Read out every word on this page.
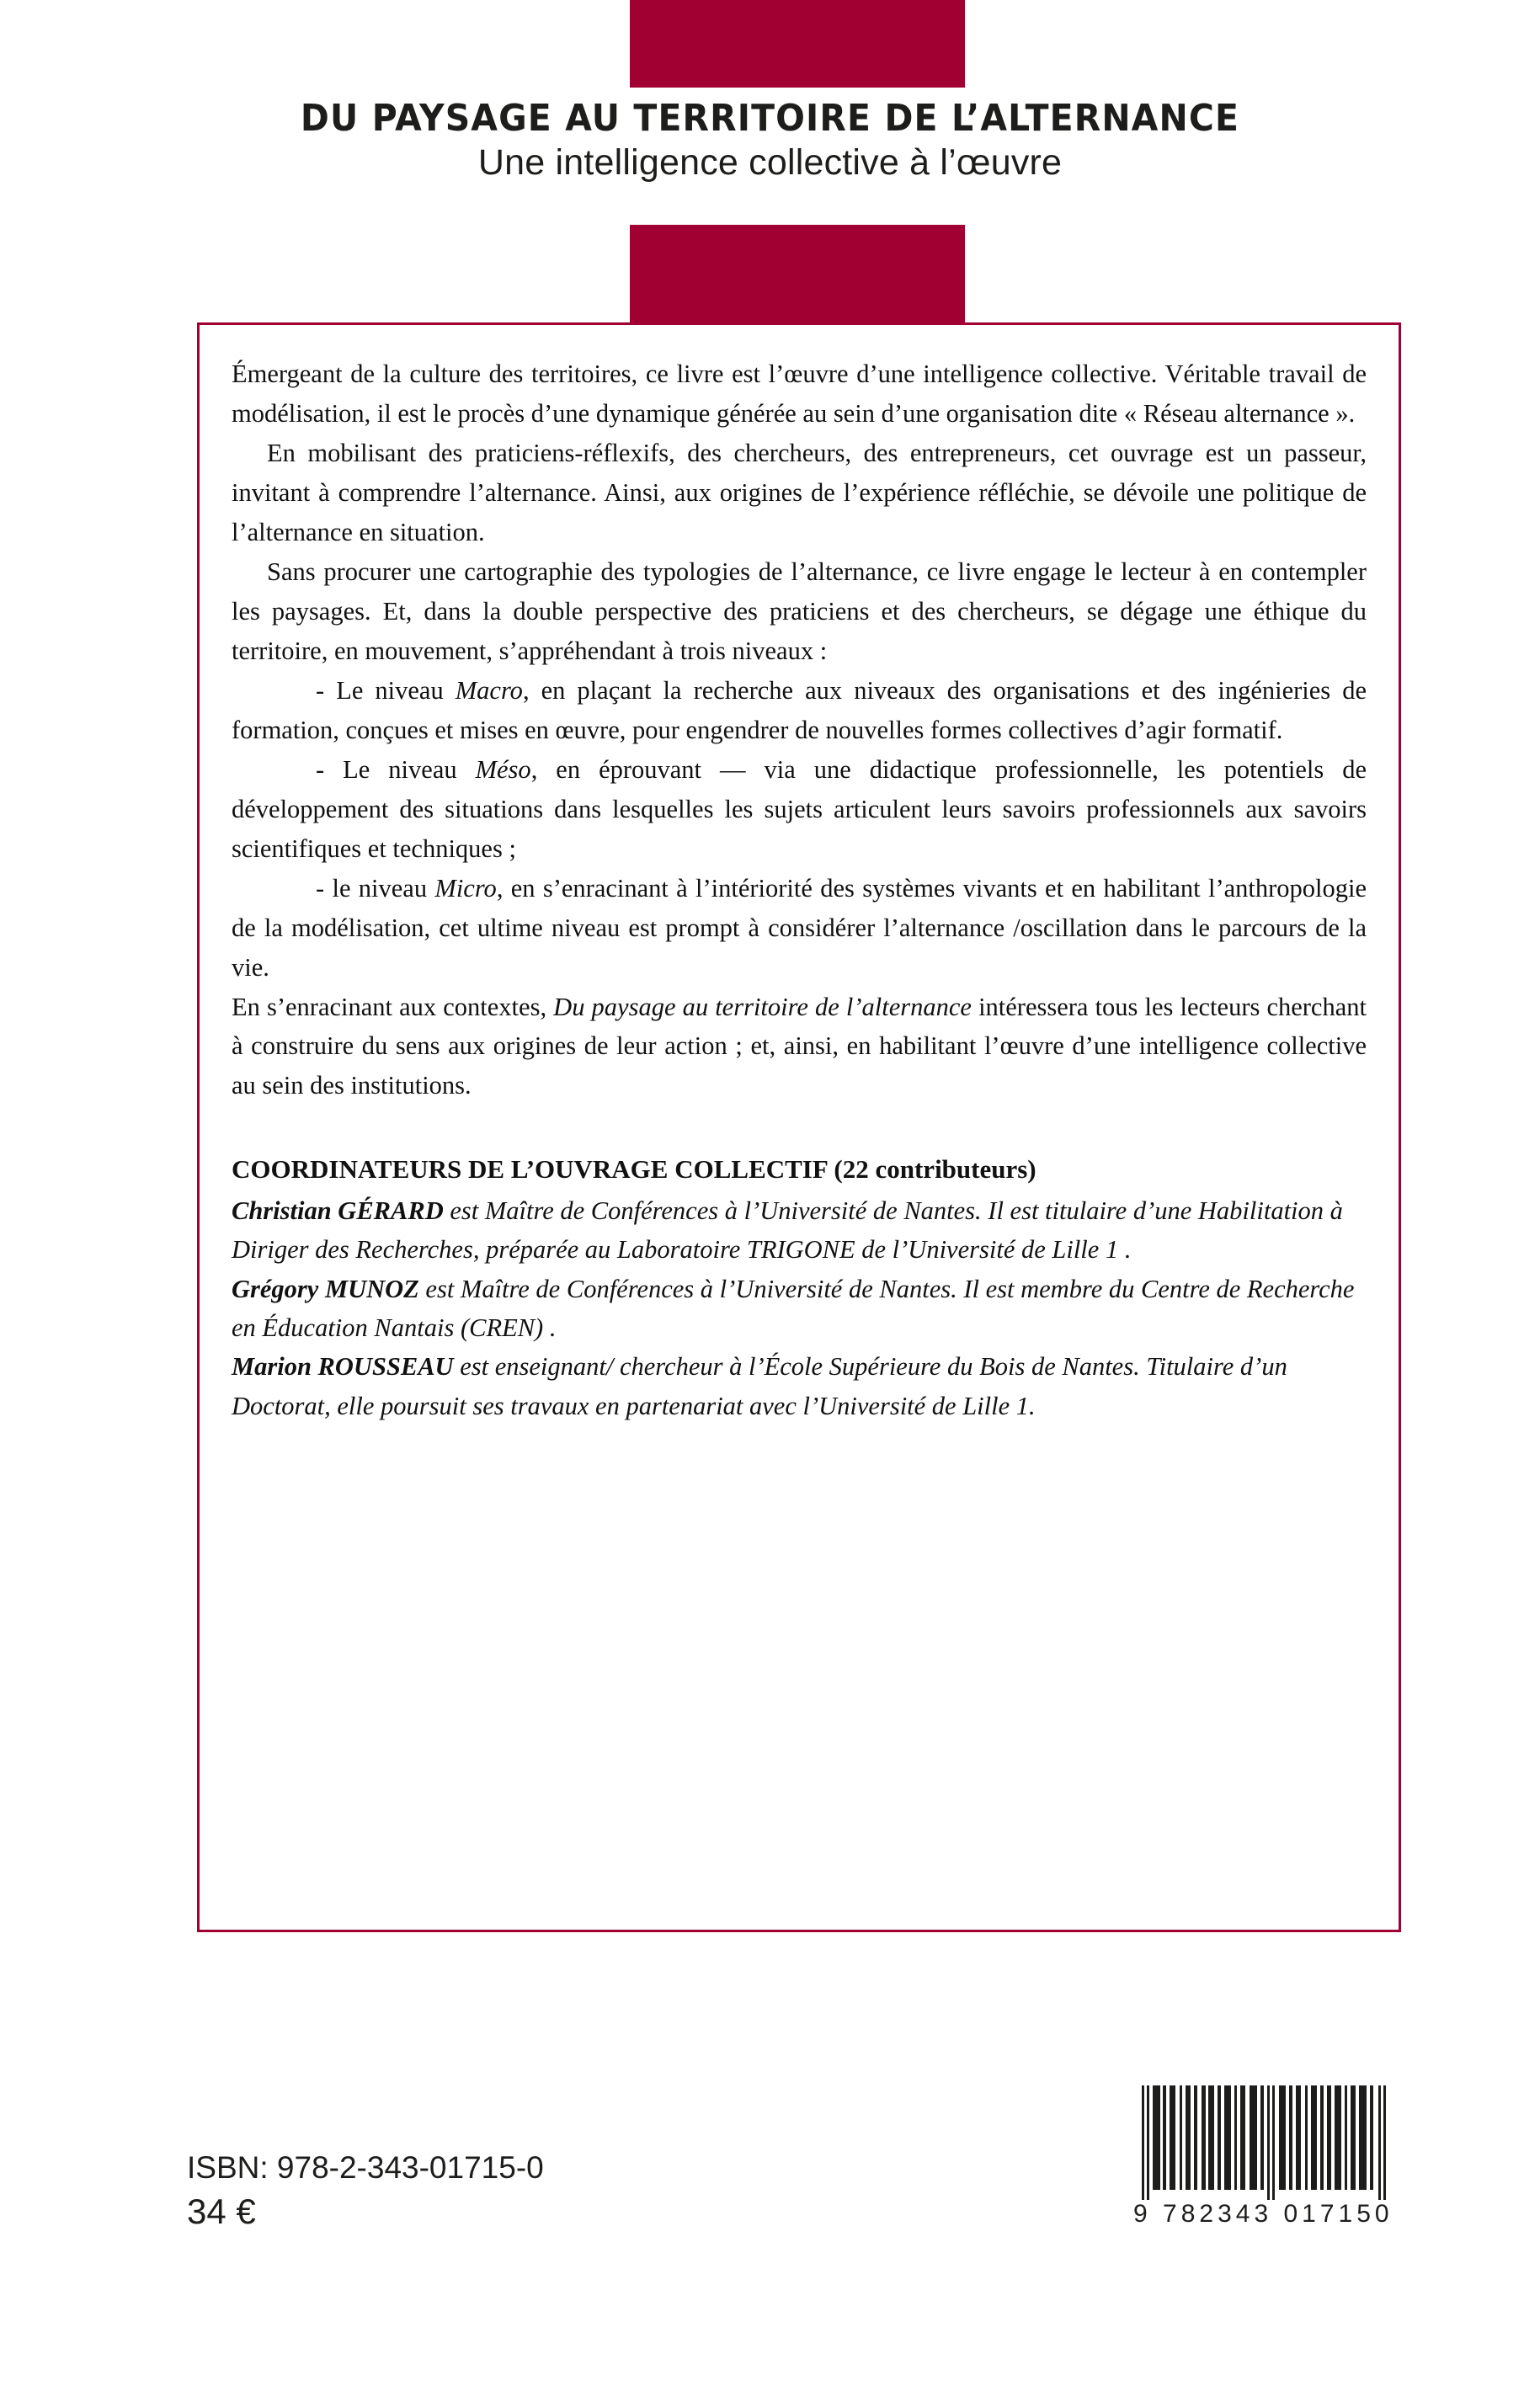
DU PAYSAGE AU TERRITOIRE DE L’ALTERNANCE
Une intelligence collective à l’œuvre

Émergeant de la culture des territoires, ce livre est l’œuvre d’une intelligence collective. Véritable travail de modélisation, il est le procès d’une dynamique générée au sein d’une organisation dite « Réseau alternance ».

En mobilisant des praticiens-réflexifs, des chercheurs, des entrepreneurs, cet ouvrage est un passeur, invitant à comprendre l’alternance. Ainsi, aux origines de l’expérience réfléchie, se dévoile une politique de l’alternance en situation.

Sans procurer une cartographie des typologies de l’alternance, ce livre engage le lecteur à en contempler les paysages. Et, dans la double perspective des praticiens et des chercheurs, se dégage une éthique du territoire, en mouvement, s’appréhendant à trois niveaux :

- Le niveau Macro, en plaçant la recherche aux niveaux des organisations et des ingénieries de formation, conçues et mises en œuvre, pour engendrer de nouvelles formes collectives d’agir formatif.

- Le niveau Méso, en éprouvant — via une didactique professionnelle, les potentiels de développement des situations dans lesquelles les sujets articulent leurs savoirs professionnels aux savoirs scientifiques et techniques ;

- le niveau Micro, en s’enracinant à l’intériorité des systèmes vivants et en habilitant l’anthropologie de la modélisation, cet ultime niveau est prompt à considérer l’alternance /oscillation dans le parcours de la vie.

En s’enracinant aux contextes, Du paysage au territoire de l’alternance intéressera tous les lecteurs cherchant à construire du sens aux origines de leur action ; et, ainsi, en habilitant l’œuvre d’une intelligence collective au sein des institutions.

COORDINATEURS DE L’OUVRAGE COLLECTIF (22 contributeurs)

Christian GÉRARD est Maître de Conférences à l’Université de Nantes. Il est titulaire d’une Habilitation à Diriger des Recherches, préparée au Laboratoire TRIGONE de l’Université de Lille 1 .

Grégory MUNOZ est Maître de Conférences à l’Université de Nantes. Il est membre du Centre de Recherche en Éducation Nantais (CREN) .

Marion ROUSSEAU est enseignant/ chercheur à l’École Supérieure du Bois de Nantes. Titulaire d’un Doctorat, elle poursuit ses travaux en partenariat avec l’Université de Lille 1.

ISBN: 978-2-343-01715-0
34 €	9 782343 017150
